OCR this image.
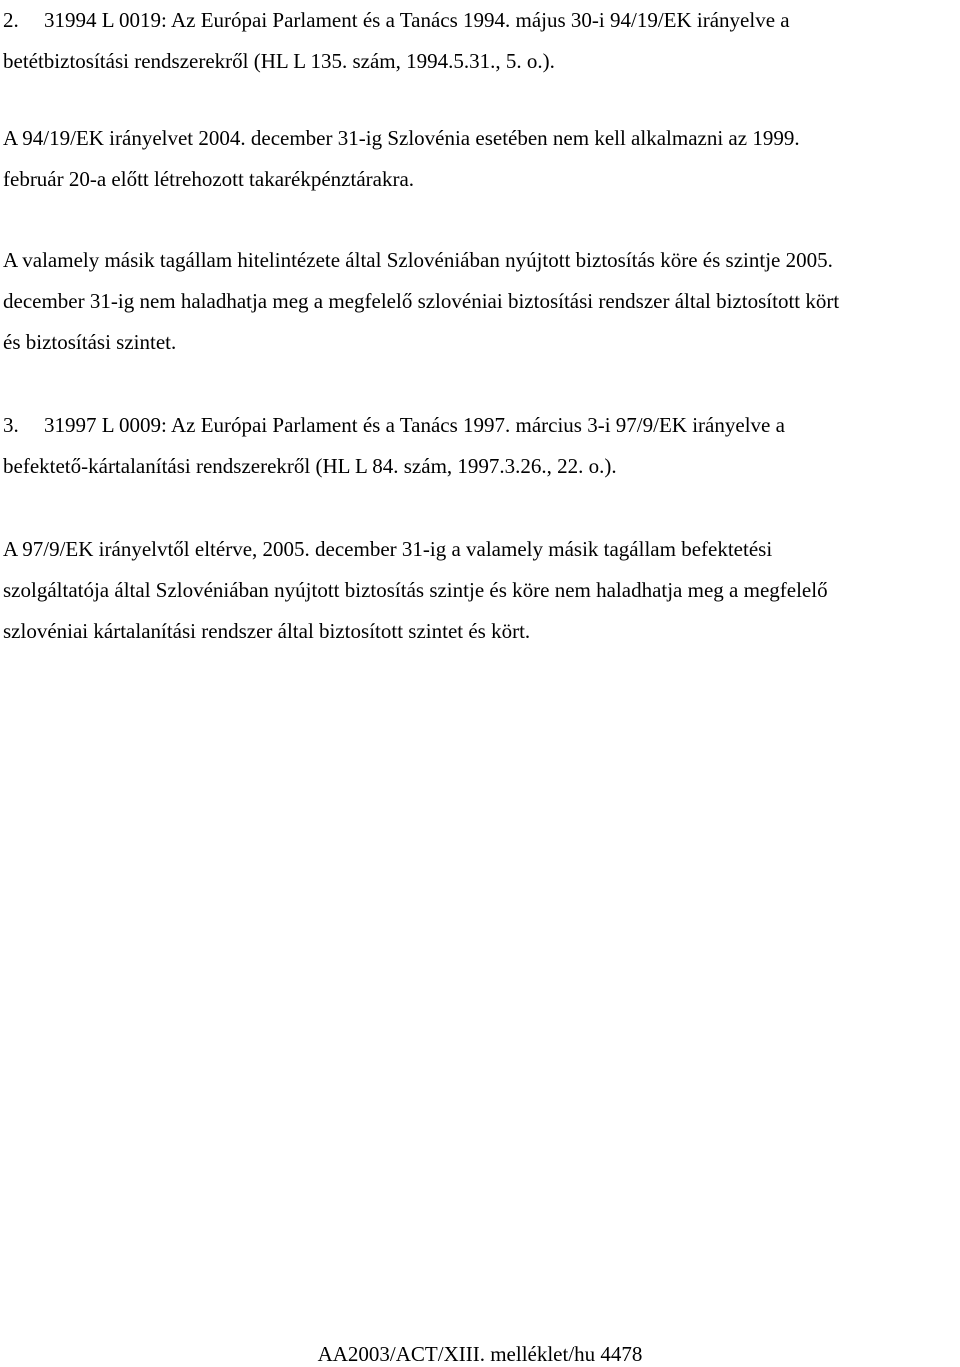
2. 31994 L 0019: Az Európai Parlament és a Tanács 1994. május 30-i 94/19/EK irányelve a
betétbiztosítási rendszerekről (HL L 135. szám, 1994.5.31., 5. o.).
A 94/19/EK irányelvet 2004. december 31-ig Szlovénia esetében nem kell alkalmazni az 1999.
február 20-a előtt létrehozott takarékpénztárakra.
A valamely másik tagállam hitelintézete által Szlovéniában nyújtott biztosítás köre és szintje 2005.
december 31-ig nem haladhatja meg a megfelelő szlovéniai biztosítási rendszer által biztosított kört
és biztosítási szintet.
3. 31997 L 0009: Az Európai Parlament és a Tanács 1997. március 3-i 97/9/EK irányelve a
befektető-kártalanítási rendszerekről (HL L 84. szám, 1997.3.26., 22. o.).
A 97/9/EK irányelvtől eltérve, 2005. december 31-ig a valamely másik tagállam befektetési
szolgáltatója által Szlovéniában nyújtott biztosítás szintje és köre nem haladhatja meg a megfelelő
szlovéniai kártalanítási rendszer által biztosított szintet és kört.
AA2003/ACT/XIII. melléklet/hu 4478
